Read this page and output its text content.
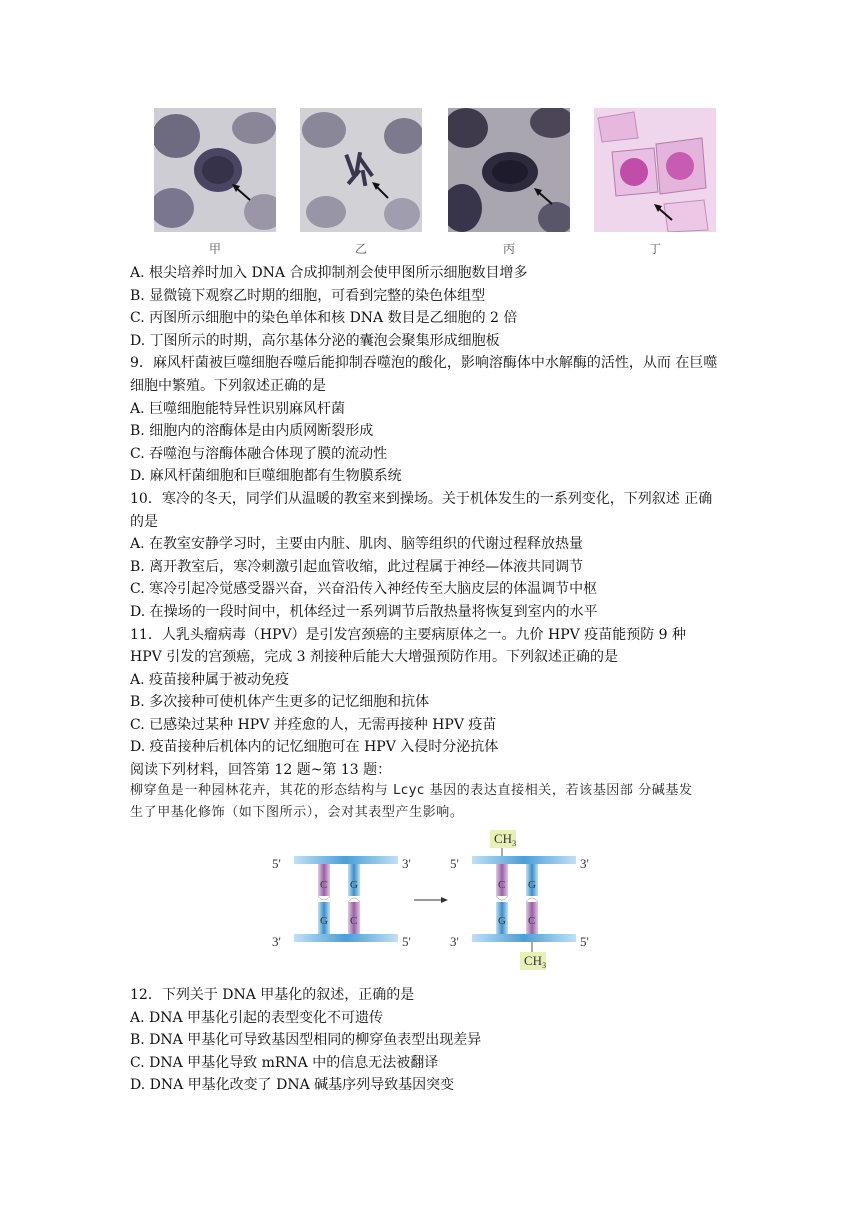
甲	乙	丙	丁

A. 根尖培养时加入 DNA 合成抑制剂会使甲图所示细胞数目增多

B. 显微镜下观察乙时期的细胞，可看到完整的染色体组型

C. 丙图所示细胞中的染色单体和核 DNA 数目是乙细胞的 2 倍

D. 丁图所示的时期，高尔基体分泌的囊泡会聚集形成细胞板

9．麻风杆菌被巨噬细胞吞噬后能抑制吞噬泡的酸化，影响溶酶体中水解酶的活性，从而 在巨噬

细胞中繁殖。下列叙述正确的是

A. 巨噬细胞能特异性识别麻风杆菌

B. 细胞内的溶酶体是由内质网断裂形成

C. 吞噬泡与溶酶体融合体现了膜的流动性

D. 麻风杆菌细胞和巨噬细胞都有生物膜系统

10．寒冷的冬天，同学们从温暖的教室来到操场。关于机体发生的一系列变化，下列叙述 正确

的是

A. 在教室安静学习时，主要由内脏、肌肉、脑等组织的代谢过程释放热量

B. 离开教室后，寒冷刺激引起血管收缩，此过程属于神经—体液共同调节

C. 寒冷引起冷觉感受器兴奋，兴奋沿传入神经传至大脑皮层的体温调节中枢

D. 在操场的一段时间中，机体经过一系列调节后散热量将恢复到室内的水平

11．人乳头瘤病毒（HPV）是引发宫颈癌的主要病原体之一。九价 HPV 疫苗能预防 9 种

HPV 引发的宫颈癌，完成 3 剂接种后能大大增强预防作用。下列叙述正确的是

A. 疫苗接种属于被动免疫

B. 多次接种可使机体产生更多的记忆细胞和抗体

C. 已感染过某种 HPV 并痊愈的人，无需再接种 HPV 疫苗

D. 疫苗接种后机体内的记忆细胞可在 HPV 入侵时分泌抗体

阅读下列材料，回答第 12 题~第 13 题：

柳穿鱼是一种园林花卉，其花的形态结构与 Lcyc 基因的表达直接相关，若该基因部 分碱基发

生了甲基化修饰（如下图所示），会对其表型产生影响。

5'	3'
3'	5'
C
G
G
C
$CH_3$
$CH_3$
5'	3'
3'	5'
C
G
G
C

12．下列关于 DNA 甲基化的叙述，正确的是

A. DNA 甲基化引起的表型变化不可遗传

B. DNA 甲基化可导致基因型相同的柳穿鱼表型出现差异

C. DNA 甲基化导致 mRNA 中的信息无法被翻译

D. DNA 甲基化改变了 DNA 碱基序列导致基因突变
